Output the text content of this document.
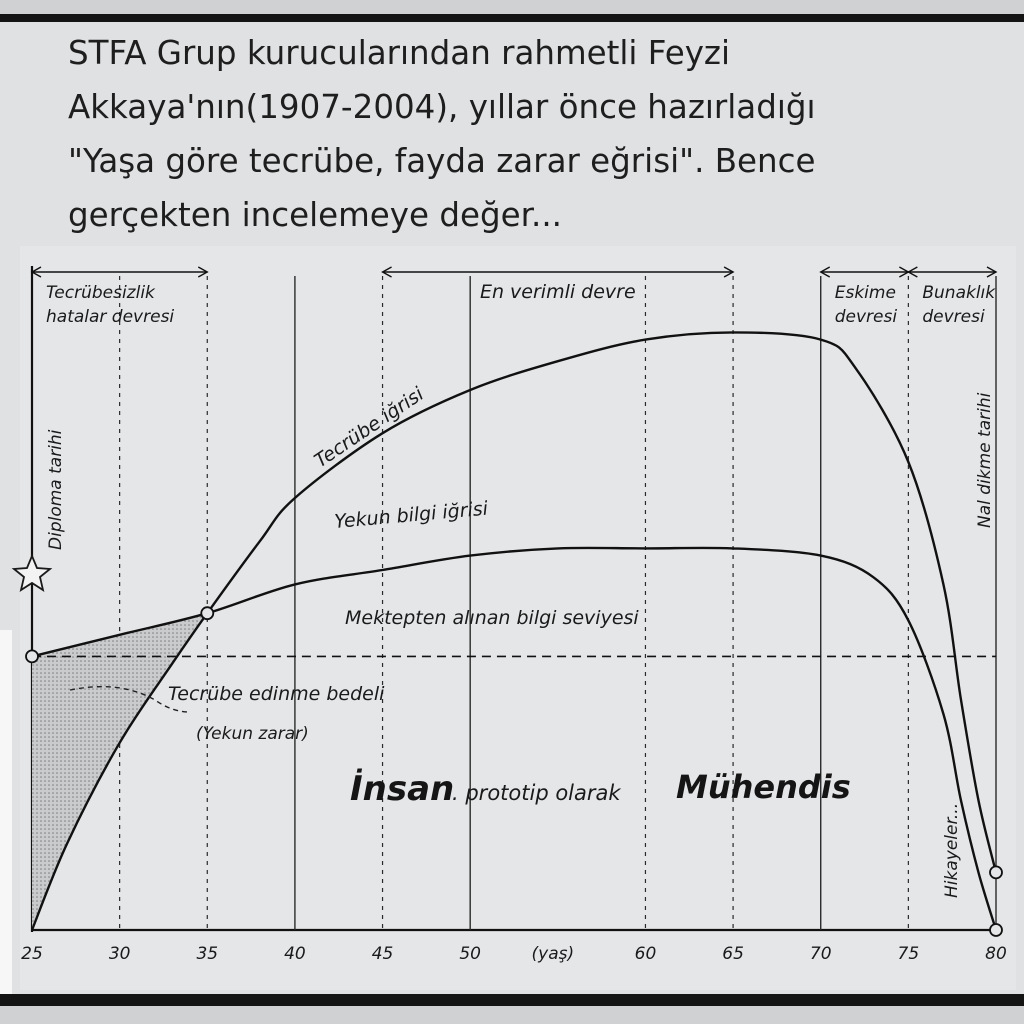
STFA Grup kurucularından rahmetli Feyzi
Akkaya'nın(1907-2004), yıllar önce hazırladığı
"Yaşa göre tecrübe, fayda zarar eğrisi". Bence
gerçekten incelemeye değer...

Tecrübesizlik
hatalar devresi
En verimli devre	Eskime
devresi
Bunaklık
devresi
25	30	35	40	45	50	60	65	70	75	80
(yaş)
Tecrübe iğrisi
Yekun bilgi iğrisi
Mektepten alınan bilgi seviyesi
Diploma tarihi	Nal dikme tarihi
Hikayeler...
Tecrübe edinme bedeli
(Yekun zarar)
İnsan
. prototip olarak Mühendis
